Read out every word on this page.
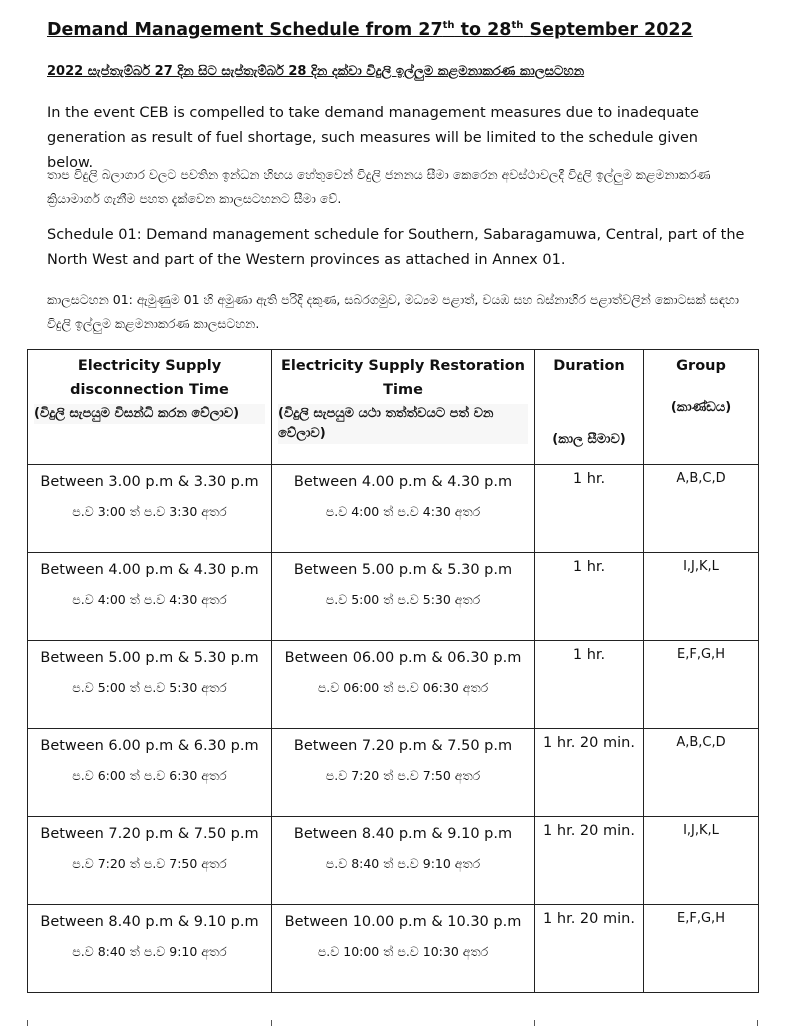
Demand Management Schedule from 27th to 28th September 2022

2022 සැප්තැම්බර් 27 දින සිට සැප්තැම්බර් 28 දින දක්වා විදුලි ඉල්ලුම කළමනාකරණ කාලසටහන

In the event CEB is compelled to take demand management measures due to inadequate generation as result of fuel shortage, such measures will be limited to the schedule given below.

තාප විදුලි බලාගාර වලට පවතින ඉන්ධන හිඟය හේතුවෙන් විදුලි ජනනය සීමා කෙරෙන අවස්ථාවලදී විදුලි ඉල්ලුම කළමනාකරණ ක්‍රියාමාර්ග ගැනීම පහත දැක්වෙන කාලසටහනට සීමා වේ.

Schedule 01: Demand management schedule for Southern, Sabaragamuwa, Central, part of the North West and part of the Western provinces as attached in Annex 01.

කාලසටහන 01: ඇමුණුම 01 හි අමුණා ඇති පරිදි දකුණ, සබරගමුව, මධ්‍යම පළාත්, වයඹ සහ බස්නාහිර පළාත්වලින් කොටසක් සඳහා විදුලි ඉල්ලුම කළමනාකරණ කාලසටහන.

Electricity Supply disconnection Time
(විදුලි සැපයුම විසන්ධි කරන වේලාව)	Electricity Supply Restoration Time
(විදුලි සැපයුම යථා තත්ත්වයට පත් වන වේලාව)	Duration
(කාල සීමාව)	Group
(කාණ්ඩය)

Between 3.00 p.m & 3.30 p.m
ප.ව 3:00 ත් ප.ව 3:30 අතර	Between 4.00 p.m & 4.30 p.m
ප.ව 4:00 ත් ප.ව 4:30 අතර	1 hr.	A,B,C,D

Between 4.00 p.m & 4.30 p.m
ප.ව 4:00 ත් ප.ව 4:30 අතර	Between 5.00 p.m & 5.30 p.m
ප.ව 5:00 ත් ප.ව 5:30 අතර	1 hr.	I,J,K,L

Between 5.00 p.m & 5.30 p.m
ප.ව 5:00 ත් ප.ව 5:30 අතර	Between 06.00 p.m & 06.30 p.m
ප.ව 06:00 ත් ප.ව 06:30 අතර	1 hr.	E,F,G,H

Between 6.00 p.m & 6.30 p.m
ප.ව 6:00 ත් ප.ව 6:30 අතර	Between 7.20 p.m & 7.50 p.m
ප.ව 7:20 ත් ප.ව 7:50 අතර	1 hr. 20 min.	A,B,C,D

Between 7.20 p.m & 7.50 p.m
ප.ව 7:20 ත් ප.ව 7:50 අතර	Between 8.40 p.m & 9.10 p.m
ප.ව 8:40 ත් ප.ව 9:10 අතර	1 hr. 20 min.	I,J,K,L

Between 8.40 p.m & 9.10 p.m
ප.ව 8:40 ත් ප.ව 9:10 අතර	Between 10.00 p.m & 10.30 p.m
ප.ව 10:00 ත් ප.ව 10:30 අතර	1 hr. 20 min.	E,F,G,H
